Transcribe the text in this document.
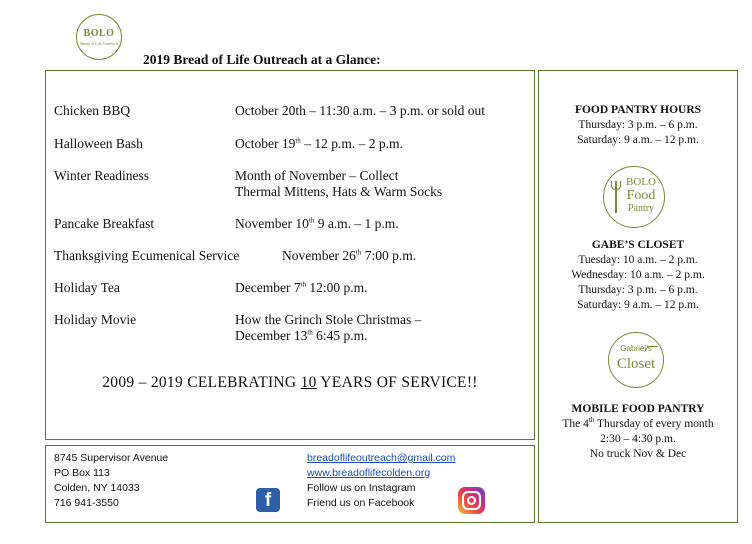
BOLO
Bread of Life Outreach
2019 Bread of Life Outreach at a Glance:
Chicken BBQ	October 20th – 11:30 a.m. – 3 p.m. or sold out
Halloween Bash	October 19th – 12 p.m. – 2 p.m.
Winter Readiness	Month of November – Collect
Thermal Mittens, Hats & Warm Socks
Pancake Breakfast	November 10th 9 a.m. – 1 p.m.
Thanksgiving Ecumenical Service	November 26th 7:00 p.m.
Holiday Tea	December 7th 12:00 p.m.
Holiday Movie	How the Grinch Stole Christmas –
December 13th 6:45 p.m.
2009 – 2019 CELEBRATING 10 YEARS OF SERVICE!!
8745 Supervisor Avenue
PO Box 113
Colden, NY 14033
716 941-3550	f
breadoflifeoutreach@gmail.com
www.breadoflifecolden.org
Follow us on Instagram
Friend us on Facebook
FOOD PANTRY HOURS
Thursday: 3 p.m. – 6 p.m.
Saturday: 9 a.m. – 12 p.m.
BOLO
Food
Pantry
GABE’S CLOSET
Tuesday: 10 a.m. – 2 p.m.
Wednesday: 10 a.m. – 2 p.m.
Thursday: 3 p.m. – 6 p.m.
Saturday: 9 a.m. – 12 p.m.
Gabriel’s
Closet
MOBILE FOOD PANTRY
The 4th Thursday of every month
2:30 – 4:30 p.m.
No truck Nov & Dec
